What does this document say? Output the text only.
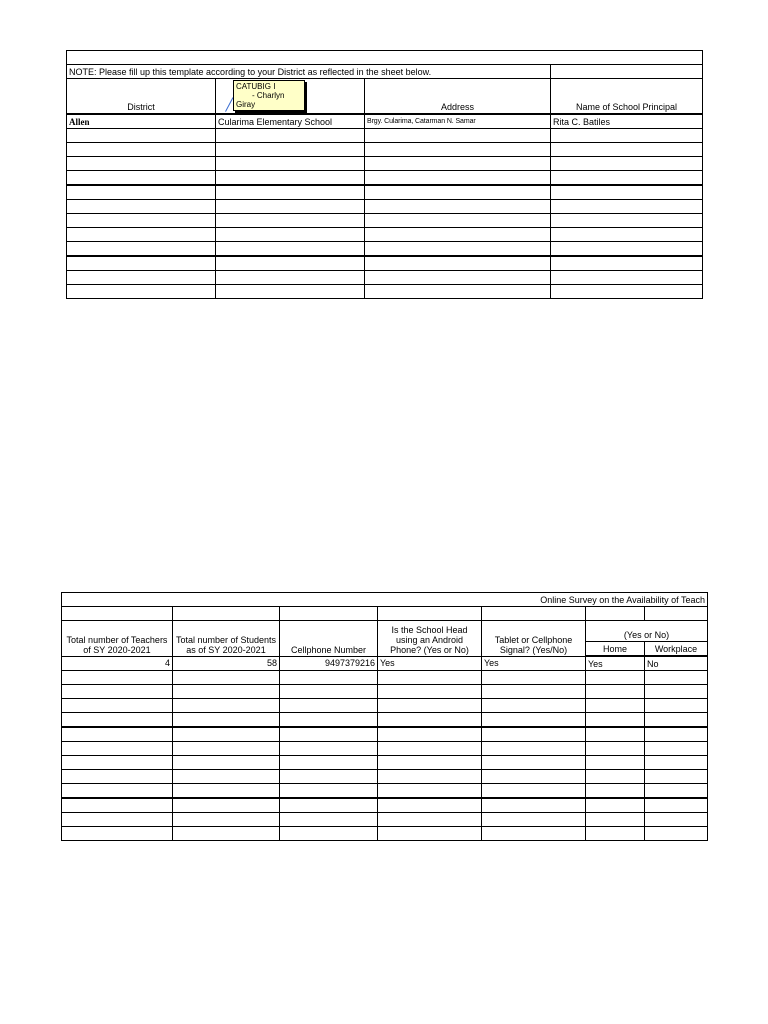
NOTE: Please fill up this template according to your District as reflected in the sheet below.			
District		Address	Name of School Principal
Allen	Cularima Elementary School	Brgy. Cularima, Catarman N. Samar	Rita C. Batiles

CATUBIG I
- Charlyn
Giray
Online Survey on the Availability of Teach						

Total number of Teachers of SY 2020-2021	Total number of Students as of SY 2020-2021	Cellphone Number	Is the School Head using an Android Phone? (Yes or No)	Tablet or Cellphone Signal? (Yes/No)	(Yes or No)	
					Home	Workplace
4	58	9497379216	Yes	Yes	Yes	No
